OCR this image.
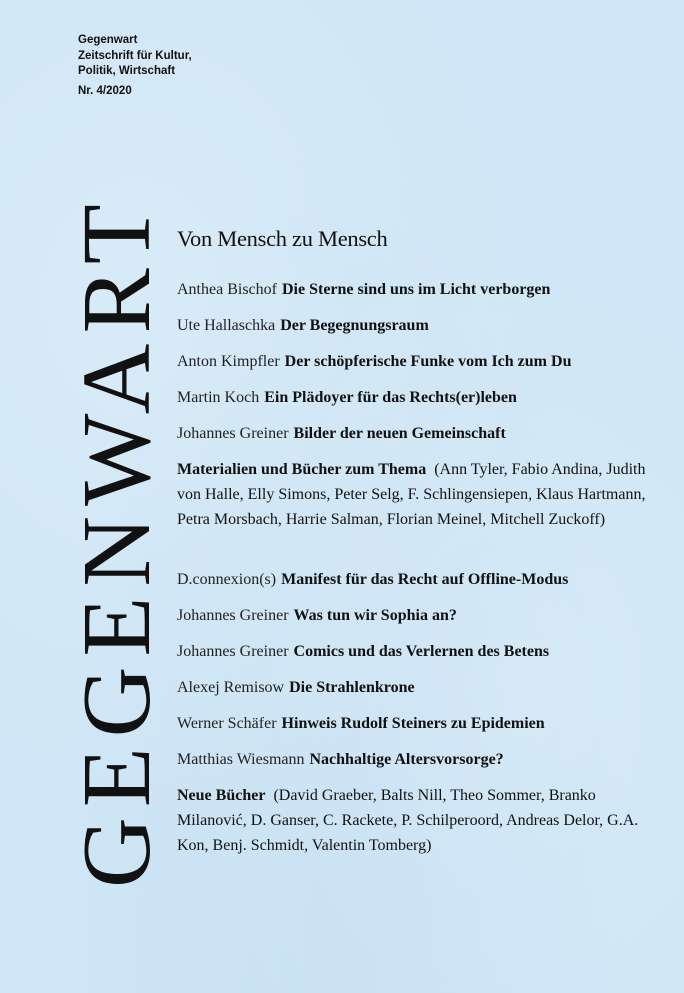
Gegenwart
Zeitschrift für Kultur,
Politik, Wirtschaft
Nr. 4/2020
GEGENWART Von Mensch zu Mensch
Anthea Bischof Die Sterne sind uns im Licht verborgen
Ute Hallaschka Der Begegnungsraum
Anton Kimpfler Der schöpferische Funke vom Ich zum Du
Martin Koch Ein Plädoyer für das Rechts(er)leben
Johannes Greiner Bilder der neuen Gemeinschaft
Materialien und Bücher zum Thema (Ann Tyler, Fabio Andina, Judith von Halle, Elly Simons, Peter Selg, F. Schlingensiepen, Klaus Hartmann, Petra Morsbach, Harrie Salman, Florian Meinel, Mitchell Zuckoff)
D.connexion(s) Manifest für das Recht auf Offline-Modus
Johannes Greiner Was tun wir Sophia an?
Johannes Greiner Comics und das Verlernen des Betens
Alexej Remisow Die Strahlenkrone
Werner Schäfer Hinweis Rudolf Steiners zu Epidemien
Matthias Wiesmann Nachhaltige Altersvorsorge?
Neue Bücher (David Graeber, Balts Nill, Theo Sommer, Branko Milanović, D. Ganser, C. Rackete, P. Schilperoord, Andreas Delor, G.A. Kon, Benj. Schmidt, Valentin Tomberg)
